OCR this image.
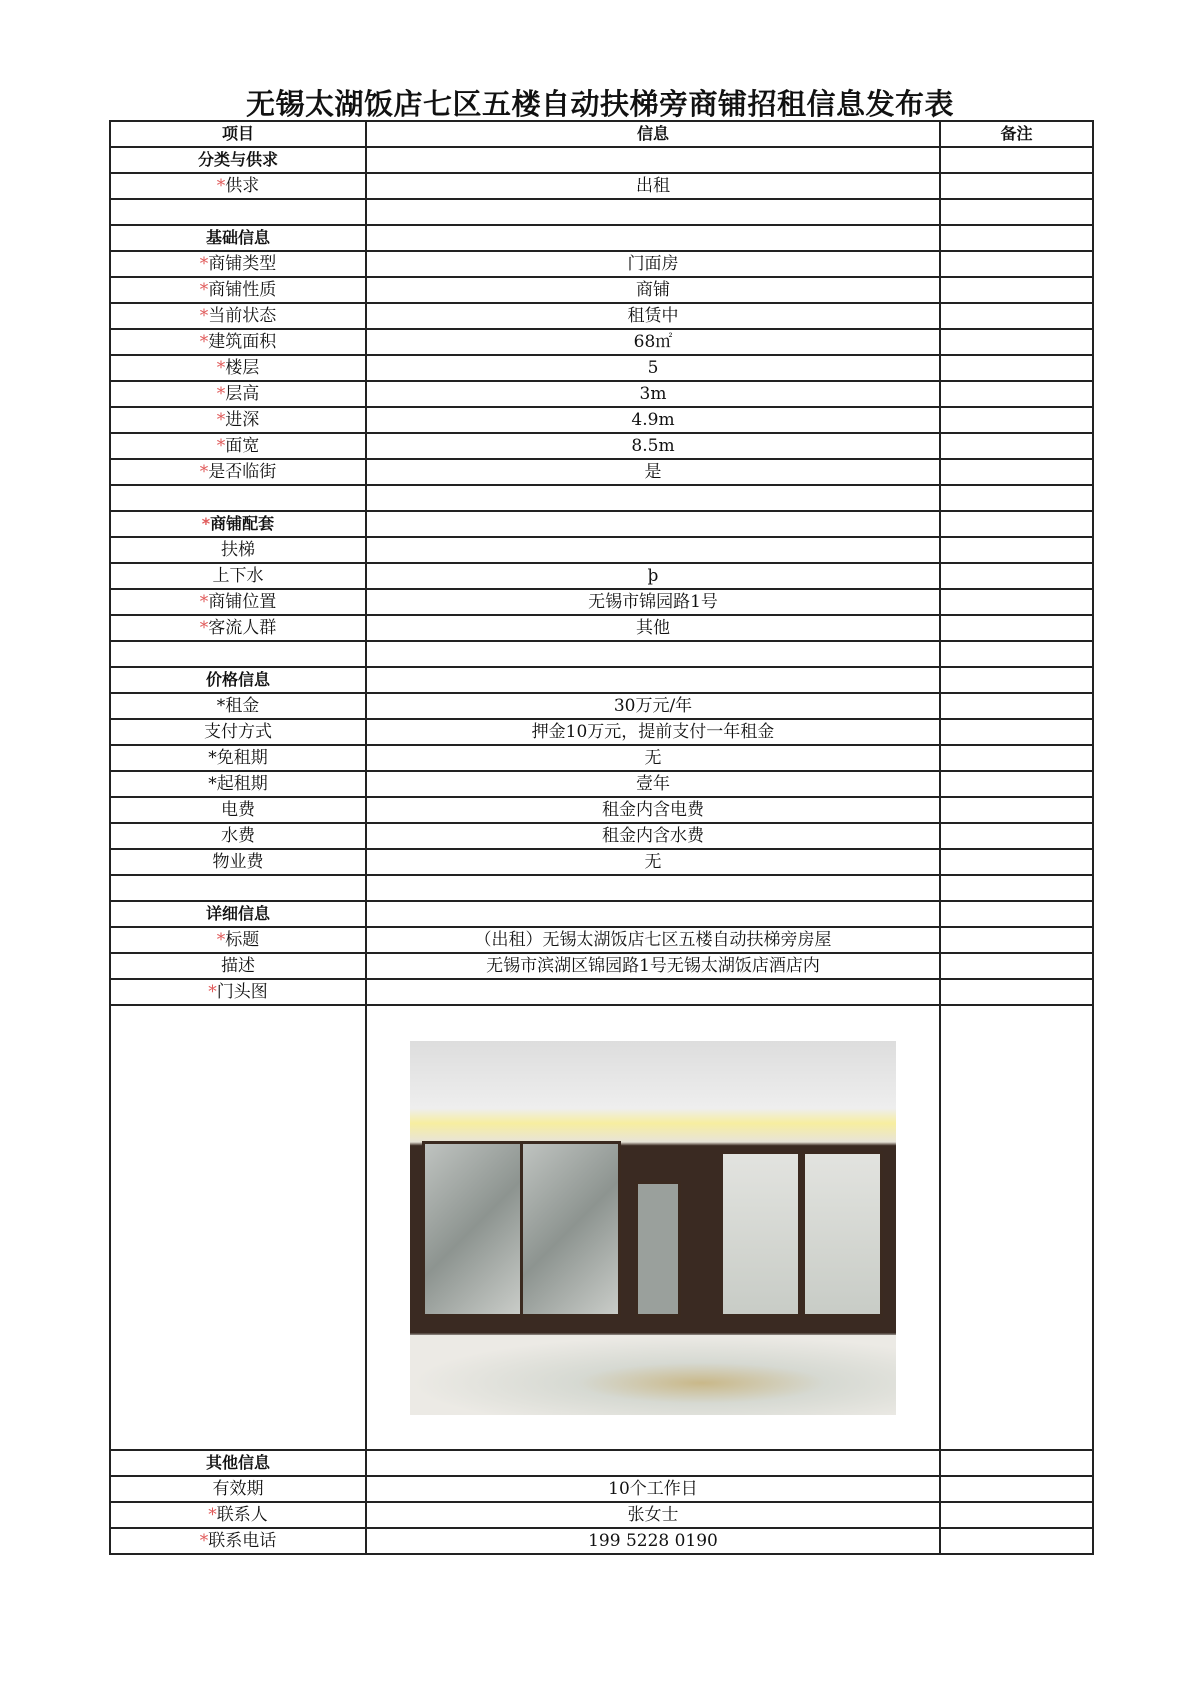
无锡太湖饭店七区五楼自动扶梯旁商铺招租信息发布表
项目	信息	备注
分类与供求		
*供求	出租	

基础信息		
*商铺类型	门面房	
*商铺性质	商铺	
*当前状态	租赁中	
*建筑面积	68㎡	
*楼层	5	
*层高	3m	
*进深	4.9m	
*面宽	8.5m	
*是否临街	是	

*商铺配套		
扶梯		
上下水	þ	
*商铺位置	无锡市锦园路1号	
*客流人群	其他	

价格信息		
*租金	30万元/年	
支付方式	押金10万元，提前支付一年租金	
*免租期	无	
*起租期	壹年	
电费	租金内含电费	
水费	租金内含水费	
物业费	无	

详细信息		
*标题	（出租）无锡太湖饭店七区五楼自动扶梯旁房屋	
描述	无锡市滨湖区锦园路1号无锡太湖饭店酒店内	
*门头图		

其他信息		
有效期	10个工作日	
*联系人	张女士	
*联系电话	199 5228 0190	
